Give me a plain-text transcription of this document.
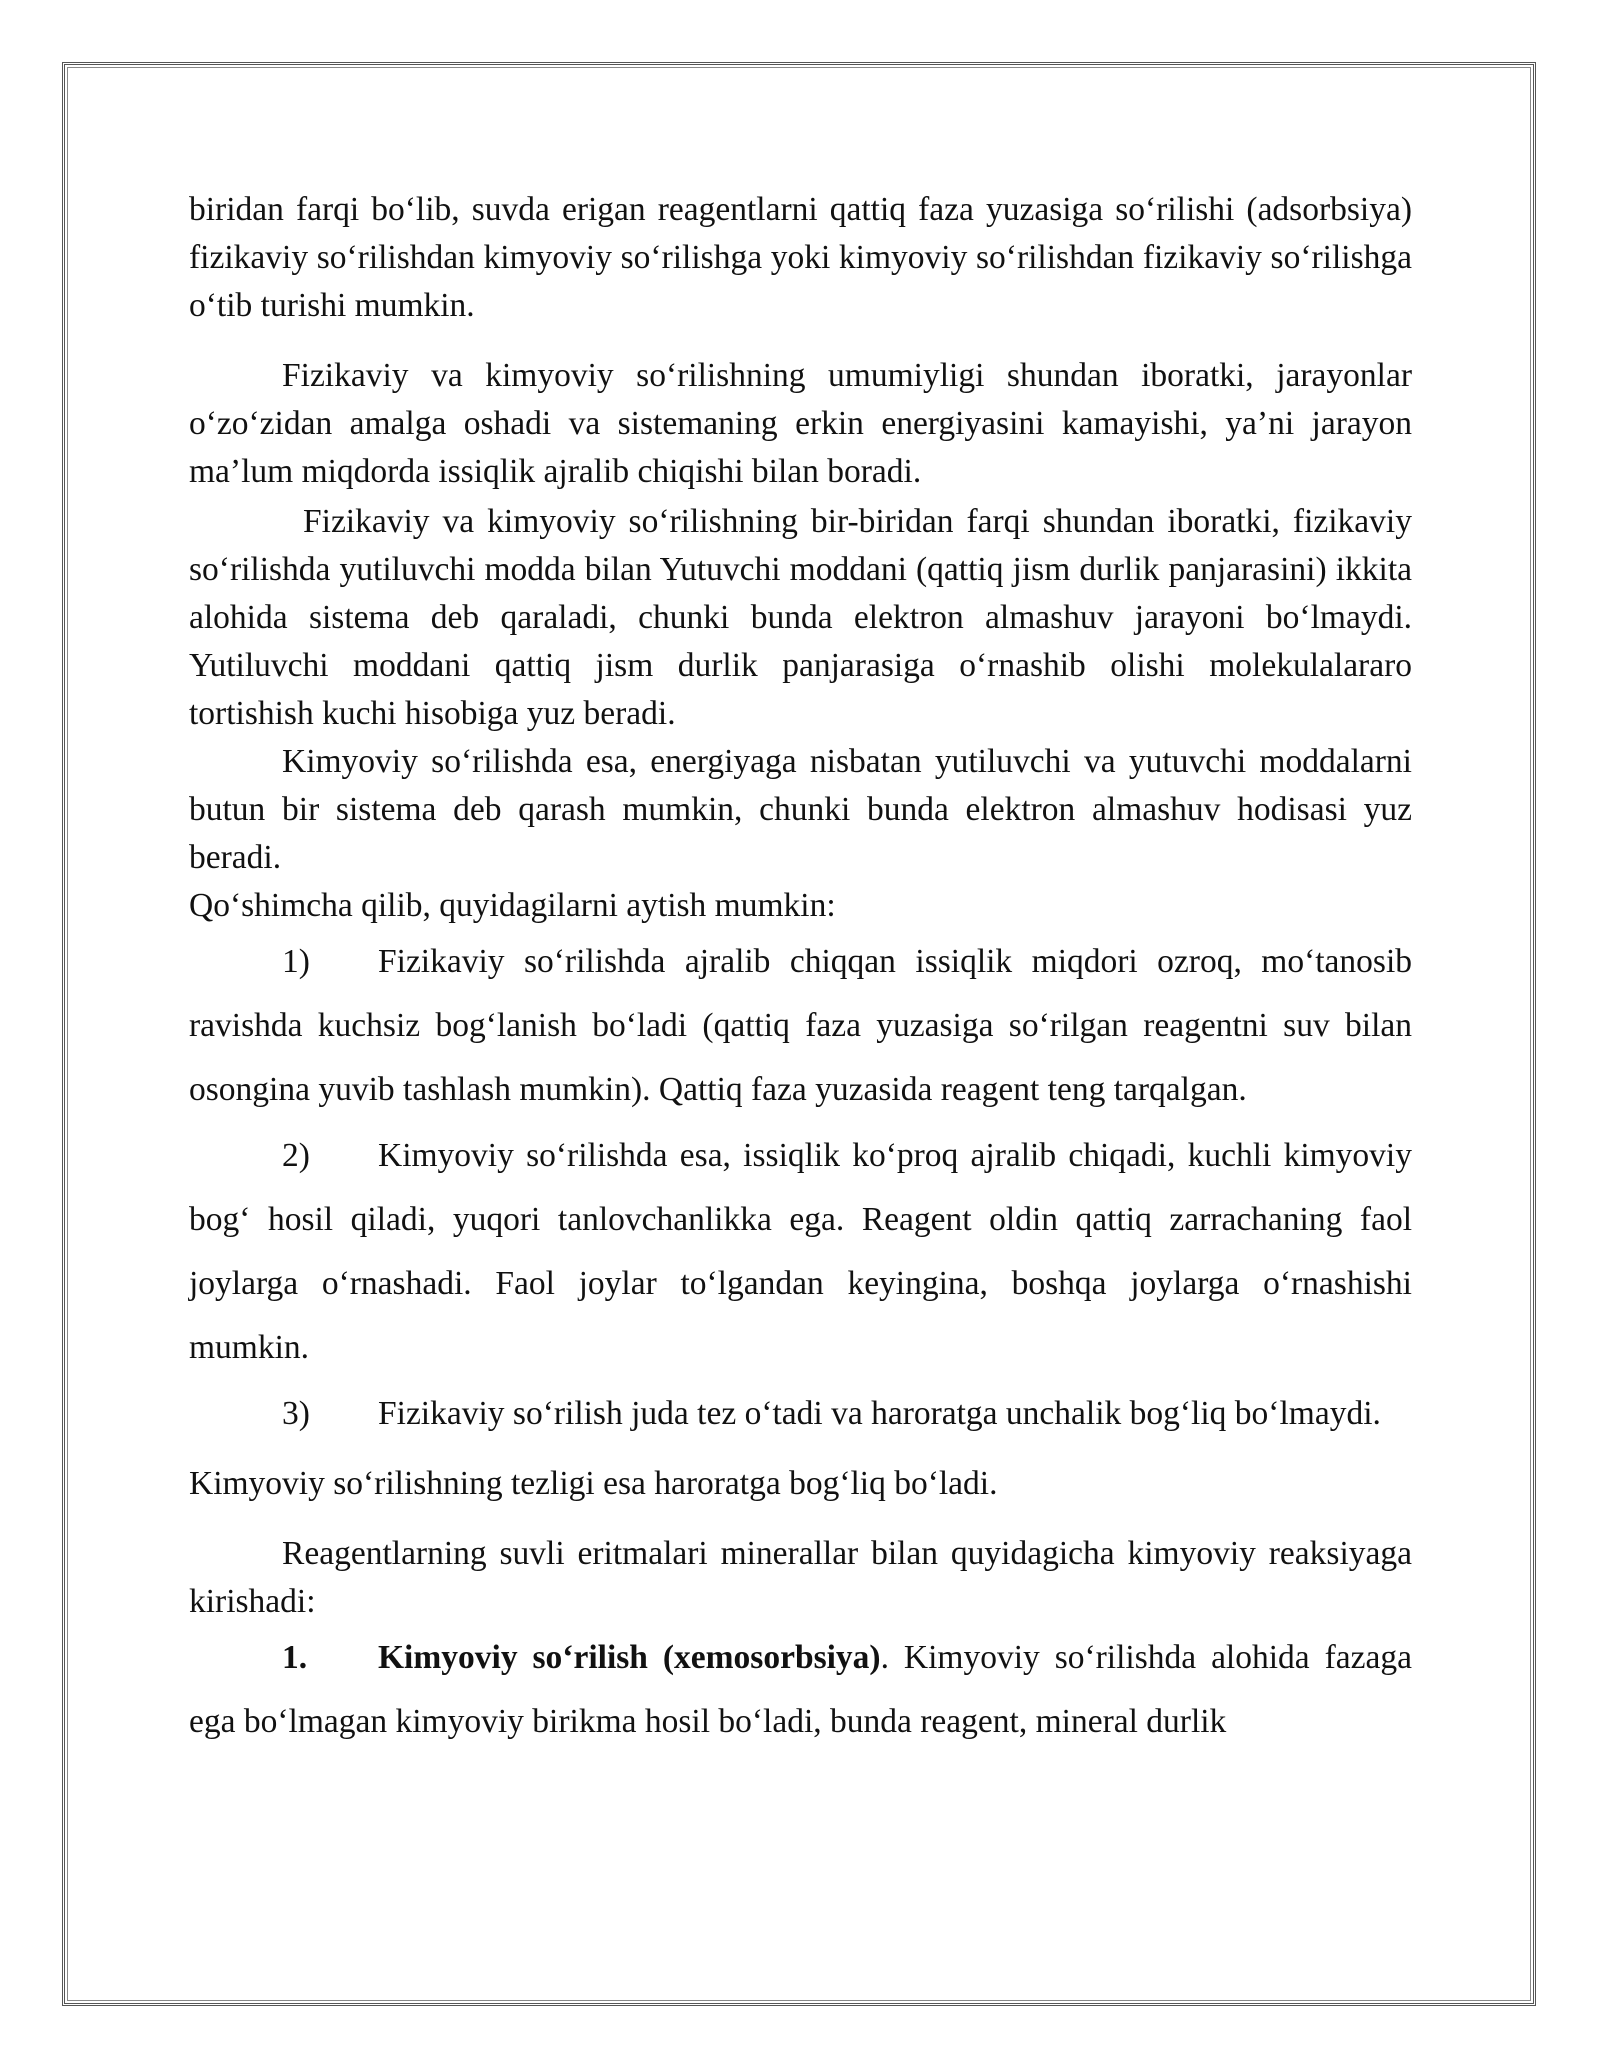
biridan farqi bo‘lib, suvda erigan reagentlarni qattiq faza yuzasiga so‘rilishi (adsorbsiya) fizikaviy so‘rilishdan kimyoviy so‘rilishga yoki kimyoviy so‘rilishdan fizikaviy so‘rilishga o‘tib turishi mumkin.

Fizikaviy va kimyoviy so‘rilishning umumiyligi shundan iboratki, jarayonlar o‘zo‘zidan amalga oshadi va sistemaning erkin energiyasini kamayishi, ya’ni jarayon ma’lum miqdorda issiqlik ajralib chiqishi bilan boradi.

Fizikaviy va kimyoviy so‘rilishning bir-biridan farqi shundan iboratki, fizikaviy so‘rilishda yutiluvchi modda bilan Yutuvchi moddani (qattiq jism durlik panjarasini) ikkita alohida sistema deb qaraladi, chunki bunda elektron almashuv jarayoni bo‘lmaydi. Yutiluvchi moddani qattiq jism durlik panjarasiga o‘rnashib olishi molekulalararo tortishish kuchi hisobiga yuz beradi.

Kimyoviy so‘rilishda esa, energiyaga nisbatan yutiluvchi va yutuvchi moddalarni butun bir sistema deb qarash mumkin, chunki bunda elektron almashuv hodisasi yuz beradi.

Qo‘shimcha qilib, quyidagilarni aytish mumkin:

1) Fizikaviy so‘rilishda ajralib chiqqan issiqlik miqdori ozroq, mo‘tanosib ravishda kuchsiz bog‘lanish bo‘ladi (qattiq faza yuzasiga so‘rilgan reagentni suv bilan osongina yuvib tashlash mumkin). Qattiq faza yuzasida reagent teng tarqalgan.

2) Kimyoviy so‘rilishda esa, issiqlik ko‘proq ajralib chiqadi, kuchli kimyoviy bog‘ hosil qiladi, yuqori tanlovchanlikka ega. Reagent oldin qattiq zarrachaning faol joylarga o‘rnashadi. Faol joylar to‘lgandan keyingina, boshqa joylarga o‘rnashishi mumkin.

3) Fizikaviy so‘rilish juda tez o‘tadi va haroratga unchalik bog‘liq bo‘lmaydi.

Kimyoviy so‘rilishning tezligi esa haroratga bog‘liq bo‘ladi.

Reagentlarning suvli eritmalari minerallar bilan quyidagicha kimyoviy reaksiyaga kirishadi:

1. Kimyoviy so‘rilish (xemosorbsiya). Kimyoviy so‘rilishda alohida fazaga ega bo‘lmagan kimyoviy birikma hosil bo‘ladi, bunda reagent, mineral durlik
